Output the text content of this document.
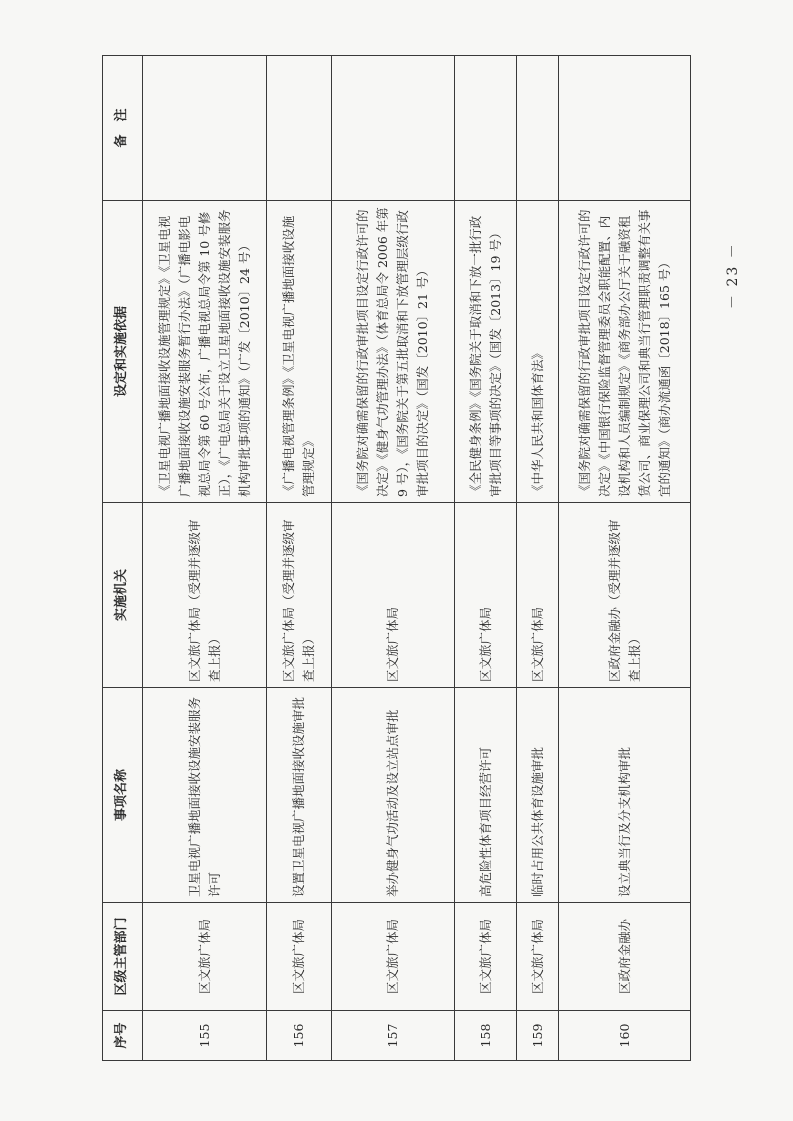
序号	区级主管部门	事项名称	实施机关	设定和实施依据	备　注
155	区文旅广体局	卫星电视广播地面接收设施安装服务许可	区文旅广体局（受理并逐级审查上报）	《卫星电视广播地面接收设施管理规定》《卫星电视广播地面接收设施安装服务暂行办法》（广播电影电视总局令第 60 号公布，广播电视总局令第 10 号修正），《广电总局关于设立卫星地面接收设施安装服务机构审批事项的通知》（广发〔2010〕24 号）	
156	区文旅广体局	设置卫星电视广播地面接收设施审批	区文旅广体局（受理并逐级审查上报）	《广播电视管理条例》《卫星电视广播地面接收设施管理规定》	
157	区文旅广体局	举办健身气功活动及设立站点审批	区文旅广体局	《国务院对确需保留的行政审批项目设定行政许可的决定》《健身气功管理办法》（体育总局令 2006 年第 9 号），《国务院关于第五批取消和下放管理层级行政审批项目的决定》（国发〔2010〕21 号）	
158	区文旅广体局	高危险性体育项目经营许可	区文旅广体局	《全民健身条例》《国务院关于取消和下放一批行政审批项目等事项的决定》（国发〔2013〕19 号）	
159	区文旅广体局	临时占用公共体育设施审批	区文旅广体局	《中华人民共和国体育法》	
160	区政府金融办	设立典当行及分支机构审批	区政府金融办（受理并逐级审查上报）	《国务院对确需保留的行政审批项目设定行政许可的决定》《中国银行保险监督管理委员会职能配置、内设机构和人员编制规定》《商务部办公厅关于融资租赁公司、商业保理公司和典当行管理职责调整有关事宜的通知》（商办流通函〔2018〕165 号）		－ 23 －
